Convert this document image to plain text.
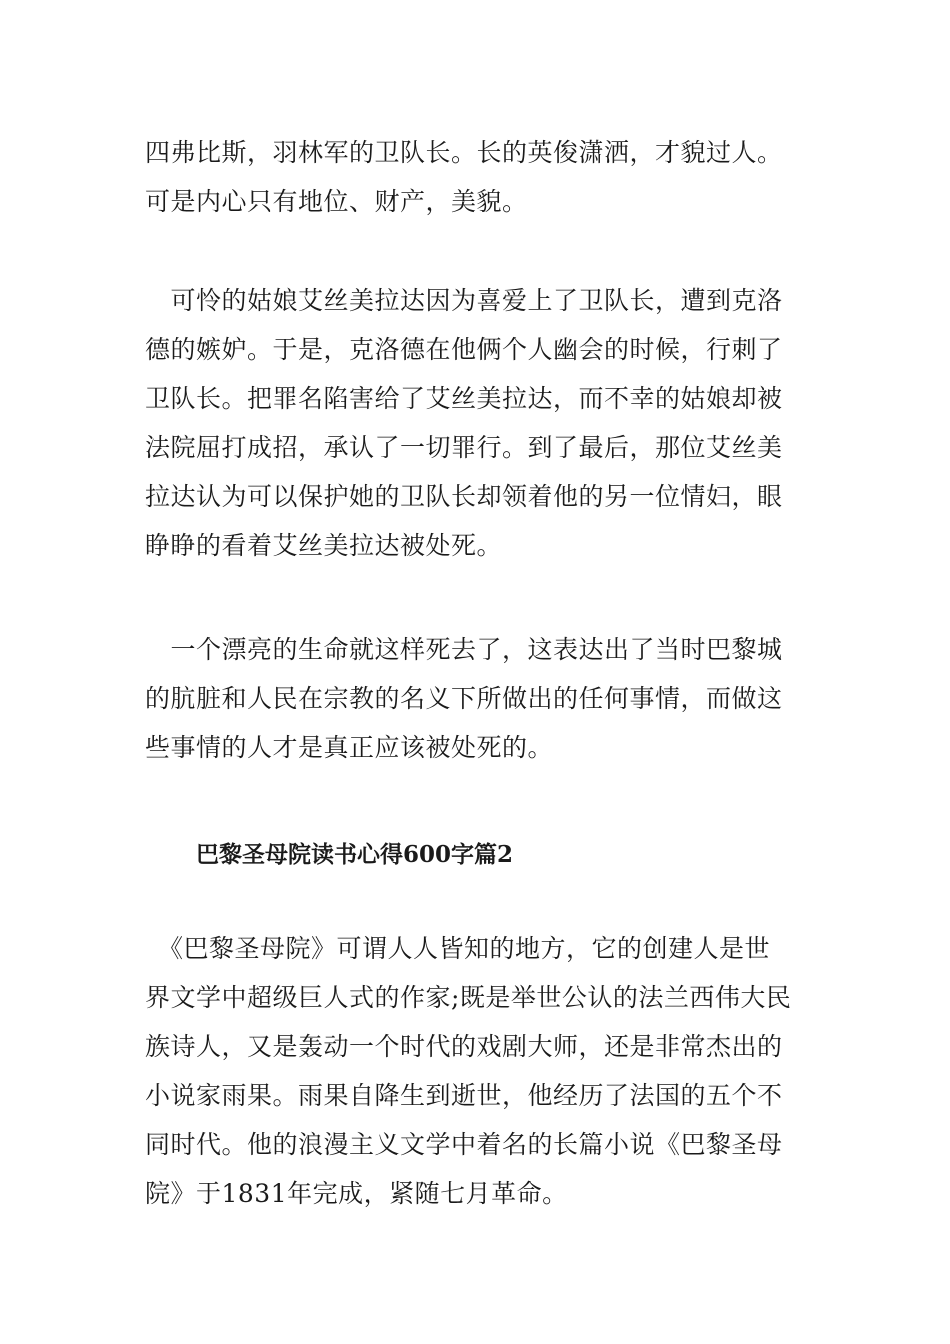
四弗比斯，羽林军的卫队长。长的英俊潇洒，才貌过人。
可是内心只有地位、财产，美貌。

　可怜的姑娘艾丝美拉达因为喜爱上了卫队长，遭到克洛
德的嫉妒。于是，克洛德在他俩个人幽会的时候，行刺了
卫队长。把罪名陷害给了艾丝美拉达，而不幸的姑娘却被
法院屈打成招，承认了一切罪行。到了最后，那位艾丝美
拉达认为可以保护她的卫队长却领着他的另一位情妇，眼
睁睁的看着艾丝美拉达被处死。

　一个漂亮的生命就这样死去了，这表达出了当时巴黎城
的肮脏和人民在宗教的名义下所做出的任何事情，而做这
些事情的人才是真正应该被处死的。

巴黎圣母院读书心得600字篇2

　《巴黎圣母院》可谓人人皆知的地方，它的创建人是世
界文学中超级巨人式的作家;既是举世公认的法兰西伟大民
族诗人，又是轰动一个时代的戏剧大师，还是非常杰出的
小说家雨果。雨果自降生到逝世，他经历了法国的五个不
同时代。他的浪漫主义文学中着名的长篇小说《巴黎圣母
院》于1831年完成，紧随七月革命。
